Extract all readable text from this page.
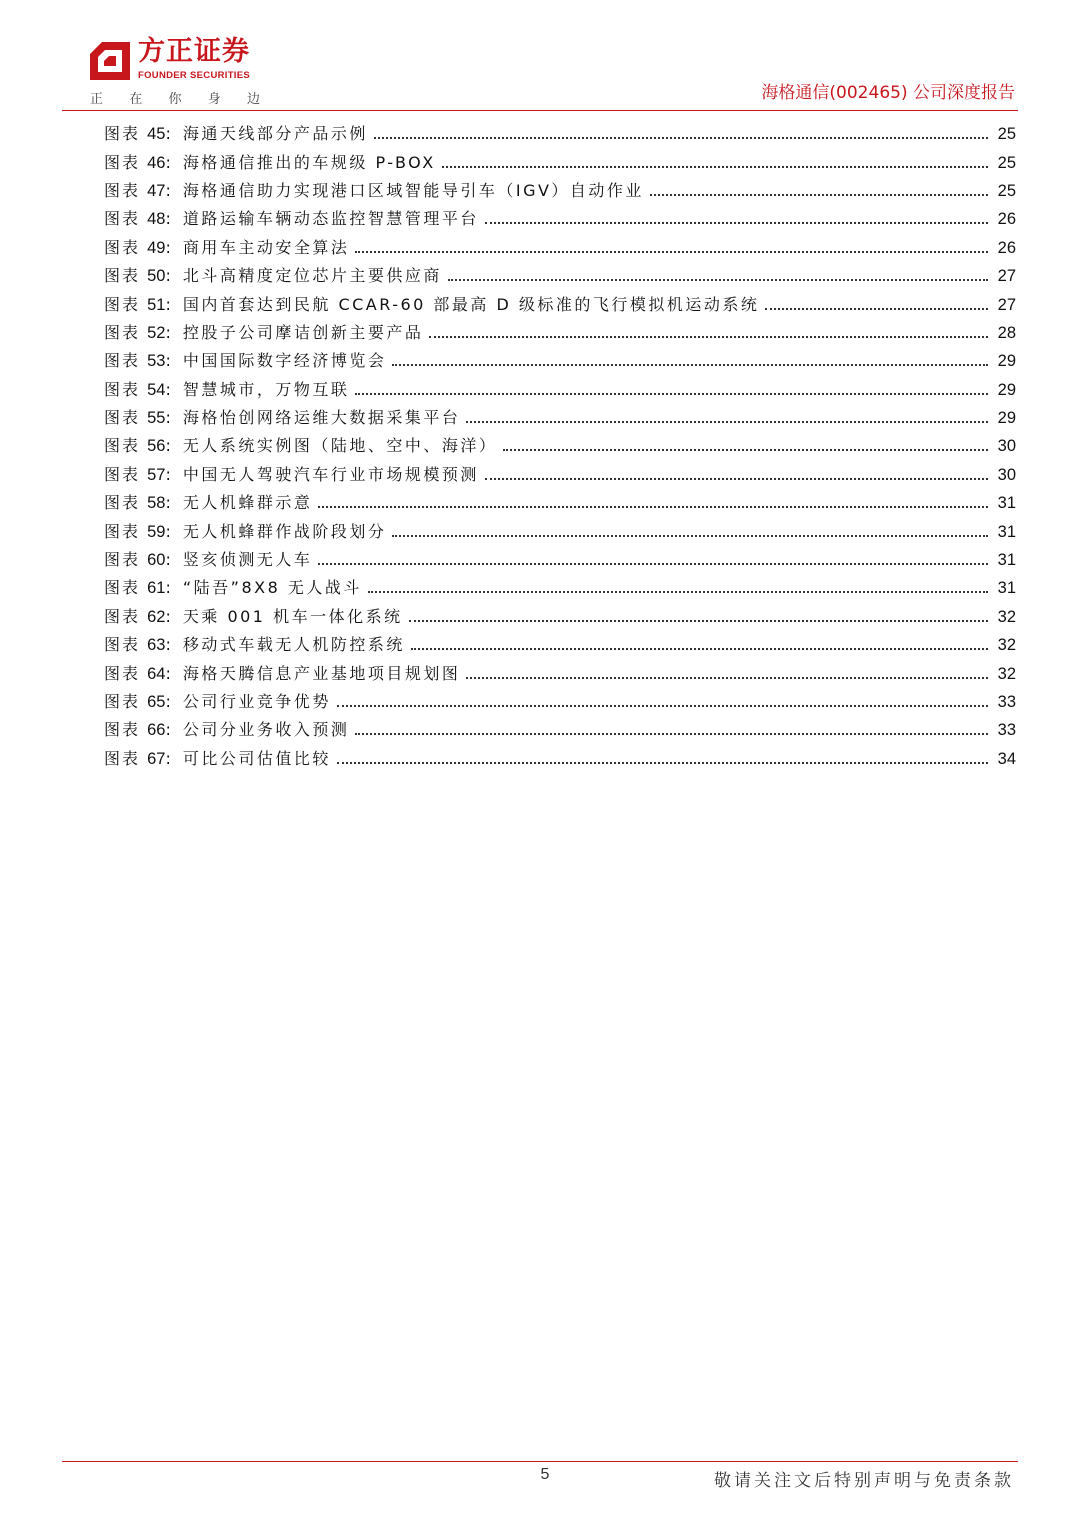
方正证券
FOUNDER SECURITIES
正 在 你 身 边	海格通信(002465) 公司深度报告
图表 45: 海通天线部分产品示例	25
图表 46: 海格通信推出的车规级 P-BOX	25
图表 47: 海格通信助力实现港口区域智能导引车（IGV）自动作业	25
图表 48: 道路运输车辆动态监控智慧管理平台	26
图表 49: 商用车主动安全算法	26
图表 50: 北斗高精度定位芯片主要供应商	27
图表 51: 国内首套达到民航 CCAR-60 部最高 D 级标准的飞行模拟机运动系统	27
图表 52: 控股子公司摩诘创新主要产品	28
图表 53: 中国国际数字经济博览会	29
图表 54: 智慧城市，万物互联	29
图表 55: 海格怡创网络运维大数据采集平台	29
图表 56: 无人系统实例图（陆地、空中、海洋）	30
图表 57: 中国无人驾驶汽车行业市场规模预测	30
图表 58: 无人机蜂群示意	31
图表 59: 无人机蜂群作战阶段划分	31
图表 60: 竖亥侦测无人车	31
图表 61: “陆吾”8X8 无人战斗	31
图表 62: 天乘 001 机车一体化系统	32
图表 63: 移动式车载无人机防控系统	32
图表 64: 海格天腾信息产业基地项目规划图	32
图表 65: 公司行业竞争优势	33
图表 66: 公司分业务收入预测	33
图表 67: 可比公司估值比较	34
5	敬请关注文后特别声明与免责条款
